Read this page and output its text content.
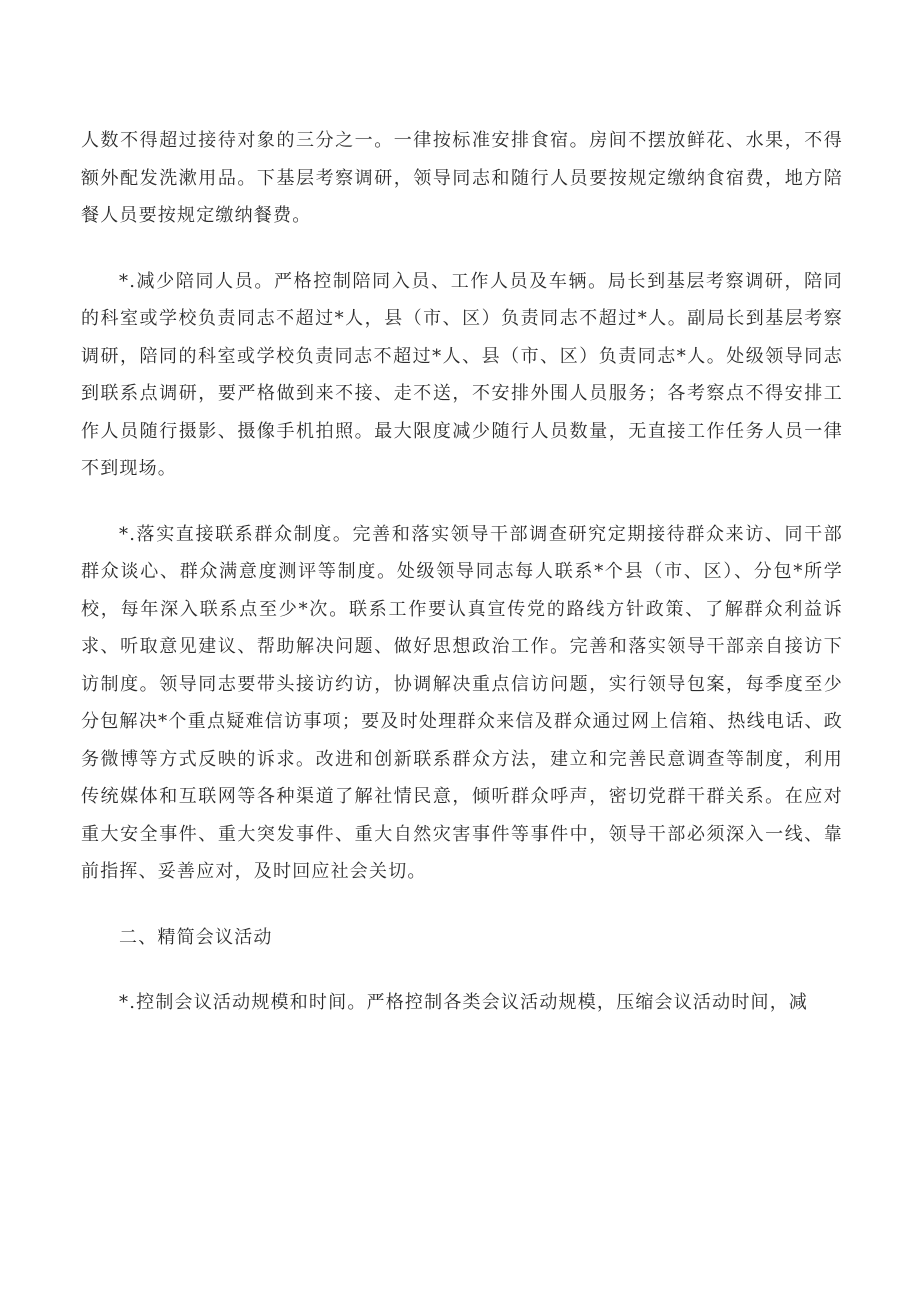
人数不得超过接待对象的三分之一。一律按标准安排食宿。房间不摆放鲜花、水果，不得额外配发洗漱用品。下基层考察调研，领导同志和随行人员要按规定缴纳食宿费，地方陪餐人员要按规定缴纳餐费。

*.减少陪同人员。严格控制陪同入员、工作人员及车辆。局长到基层考察调研，陪同的科室或学校负责同志不超过*人，县（市、区）负责同志不超过*人。副局长到基层考察调研，陪同的科室或学校负责同志不超过*人、县（市、区）负责同志*人。处级领导同志到联系点调研，要严格做到来不接、走不送，不安排外围人员服务；各考察点不得安排工作人员随行摄影、摄像手机拍照。最大限度减少随行人员数量，无直接工作任务人员一律不到现场。

*.落实直接联系群众制度。完善和落实领导干部调查研究定期接待群众来访、同干部群众谈心、群众满意度测评等制度。处级领导同志每人联系*个县（市、区）、分包*所学校，每年深入联系点至少*次。联系工作要认真宣传党的路线方针政策、了解群众利益诉求、听取意见建议、帮助解决问题、做好思想政治工作。完善和落实领导干部亲自接访下访制度。领导同志要带头接访约访，协调解决重点信访问题，实行领导包案，每季度至少分包解决*个重点疑难信访事项；要及时处理群众来信及群众通过网上信箱、热线电话、政务微博等方式反映的诉求。改进和创新联系群众方法，建立和完善民意调查等制度，利用传统媒体和互联网等各种渠道了解社情民意，倾听群众呼声，密切党群干群关系。在应对重大安全事件、重大突发事件、重大自然灾害事件等事件中，领导干部必须深入一线、靠前指挥、妥善应对，及时回应社会关切。

二、精简会议活动

*.控制会议活动规模和时间。严格控制各类会议活动规模，压缩会议活动时间，减
